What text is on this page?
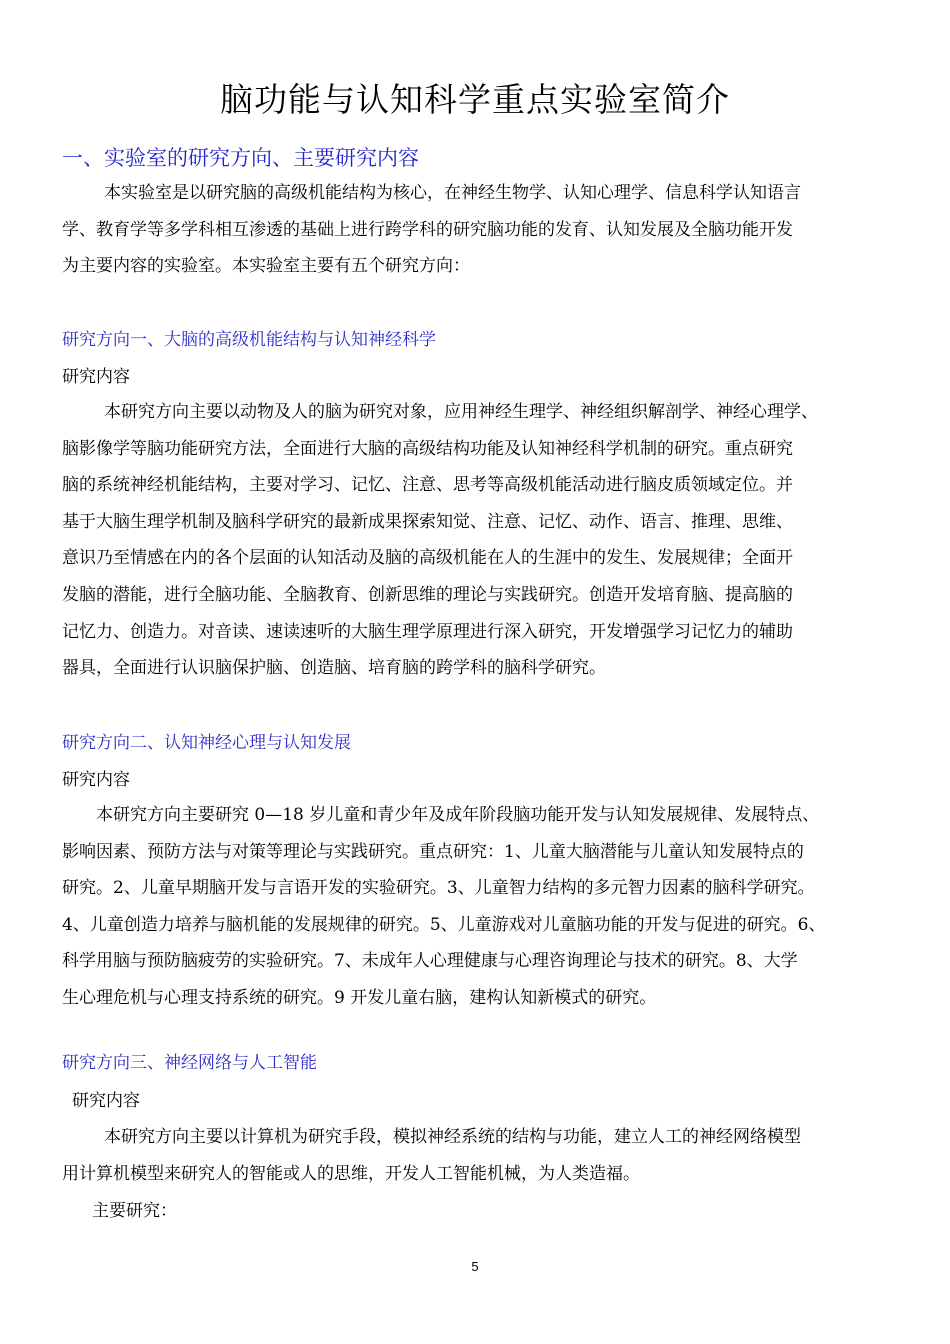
脑功能与认知科学重点实验室简介
一、实验室的研究方向、主要研究内容
本实验室是以研究脑的高级机能结构为核心，在神经生物学、认知心理学、信息科学认知语言
学、教育学等多学科相互渗透的基础上进行跨学科的研究脑功能的发育、认知发展及全脑功能开发
为主要内容的实验室。本实验室主要有五个研究方向：
研究方向一、大脑的高级机能结构与认知神经科学
研究内容
本研究方向主要以动物及人的脑为研究对象，应用神经生理学、神经组织解剖学、神经心理学、
脑影像学等脑功能研究方法，全面进行大脑的高级结构功能及认知神经科学机制的研究。重点研究
脑的系统神经机能结构，主要对学习、记忆、注意、思考等高级机能活动进行脑皮质领域定位。并
基于大脑生理学机制及脑科学研究的最新成果探索知觉、注意、记忆、动作、语言、推理、思维、
意识乃至情感在内的各个层面的认知活动及脑的高级机能在人的生涯中的发生、发展规律；全面开
发脑的潜能，进行全脑功能、全脑教育、创新思维的理论与实践研究。创造开发培育脑、提高脑的
记忆力、创造力。对音读、速读速听的大脑生理学原理进行深入研究，开发增强学习记忆力的辅助
器具，全面进行认识脑保护脑、创造脑、培育脑的跨学科的脑科学研究。
研究方向二、认知神经心理与认知发展
研究内容
本研究方向主要研究 0—18 岁儿童和青少年及成年阶段脑功能开发与认知发展规律、发展特点、
影响因素、预防方法与对策等理论与实践研究。重点研究：1、儿童大脑潜能与儿童认知发展特点的
研究。2、儿童早期脑开发与言语开发的实验研究。3、儿童智力结构的多元智力因素的脑科学研究。
4、儿童创造力培养与脑机能的发展规律的研究。5、儿童游戏对儿童脑功能的开发与促进的研究。6、
科学用脑与预防脑疲劳的实验研究。7、未成年人心理健康与心理咨询理论与技术的研究。8、大学
生心理危机与心理支持系统的研究。9 开发儿童右脑，建构认知新模式的研究。
研究方向三、神经网络与人工智能
研究内容
本研究方向主要以计算机为研究手段，模拟神经系统的结构与功能，建立人工的神经网络模型
用计算机模型来研究人的智能或人的思维，开发人工智能机械，为人类造福。
主要研究：
5
